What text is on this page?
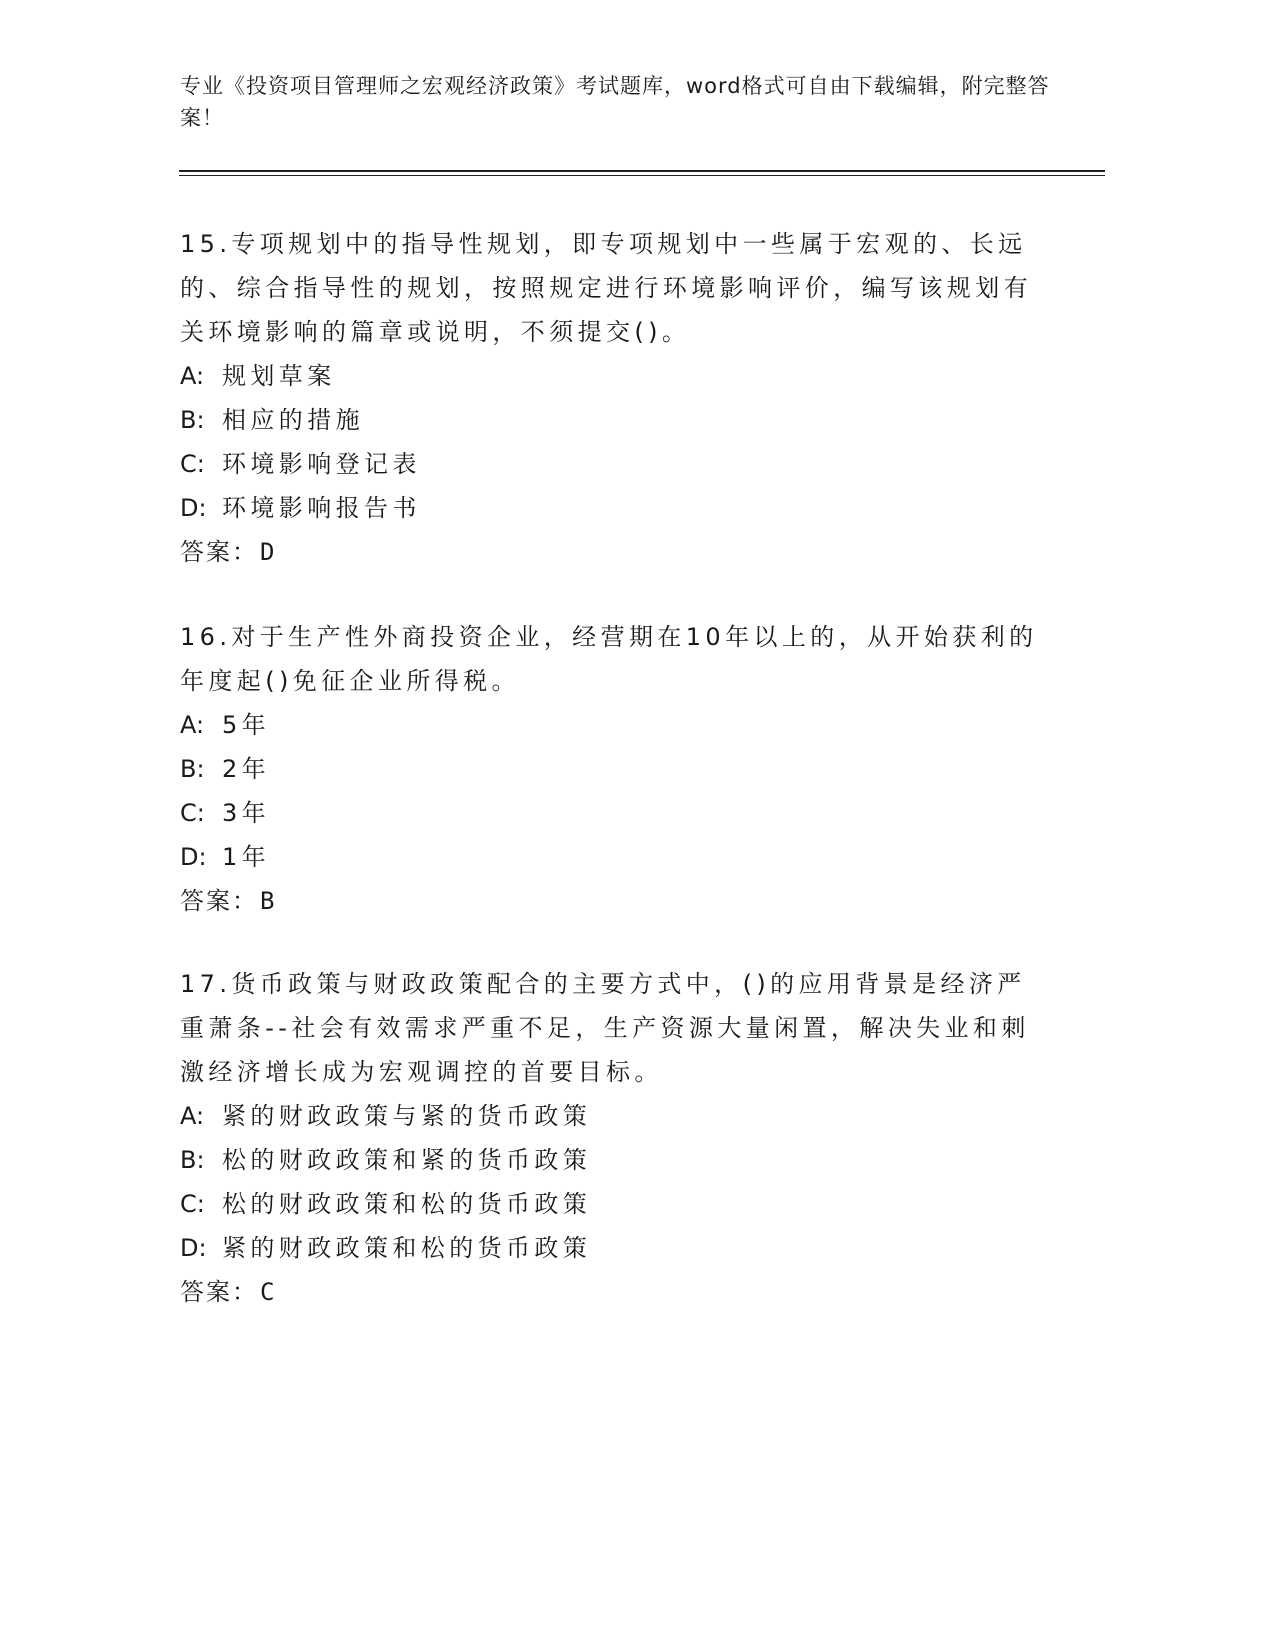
专业《投资项目管理师之宏观经济政策》考试题库，word格式可自由下载编辑，附完整答案！

15.专项规划中的指导性规划，即专项规划中一些属于宏观的、长远的、综合指导性的规划，按照规定进行环境影响评价，编写该规划有关环境影响的篇章或说明，不须提交()。

A: 规划草案
B: 相应的措施
C: 环境影响登记表
D: 环境影响报告书
答案： D

16.对于生产性外商投资企业，经营期在10年以上的，从开始获利的年度起()免征企业所得税。

A: 5年
B: 2年
C: 3年
D: 1年
答案： B

17.货币政策与财政政策配合的主要方式中，()的应用背景是经济严重萧条--社会有效需求严重不足，生产资源大量闲置，解决失业和刺激经济增长成为宏观调控的首要目标。

A: 紧的财政政策与紧的货币政策
B: 松的财政政策和紧的货币政策
C: 松的财政政策和松的货币政策
D: 紧的财政政策和松的货币政策
答案： C
